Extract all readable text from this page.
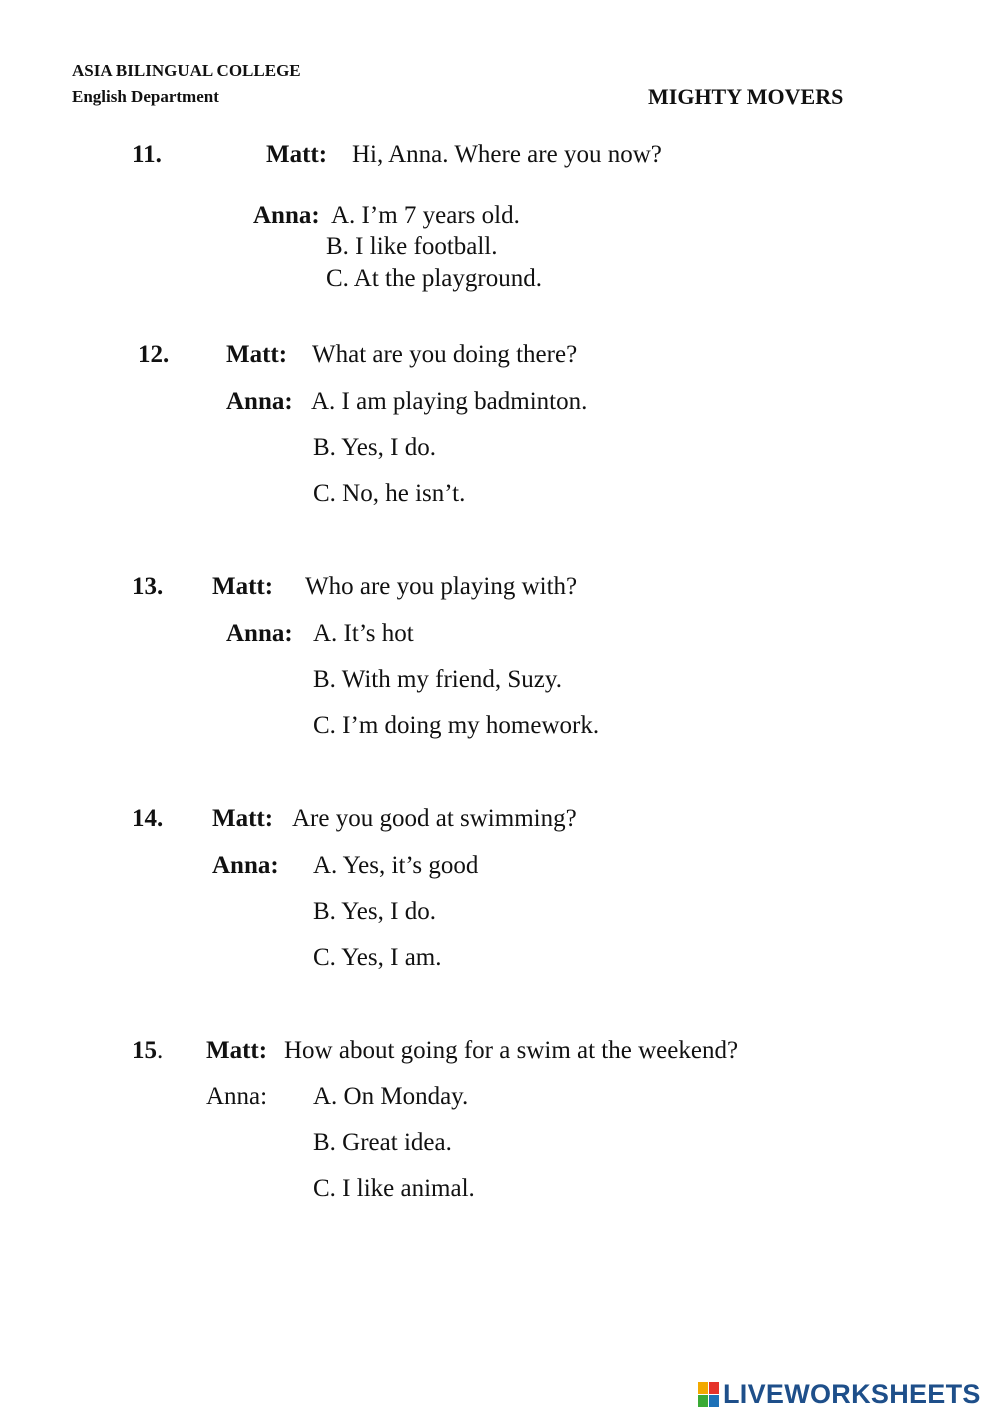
ASIA BILINGUAL COLLEGE
English Department	MIGHTY MOVERS
11.	Matt: Hi, Anna. Where are you now?
Anna: A. I’m 7 years old.
B. I like football.
C. At the playground.
12. Matt: What are you doing there?
Anna: A. I am playing badminton.
B. Yes, I do.
C. No, he isn’t.
13. Matt: Who are you playing with?
Anna: A. It’s hot
B. With my friend, Suzy.
C. I’m doing my homework.
14. Matt: Are you good at swimming?
Anna: A. Yes, it’s good
B. Yes, I do.
C. Yes, I am.
15. Matt: How about going for a swim at the weekend?
Anna: A. On Monday.
B. Great idea.
C. I like animal.
LIVEWORKSHEETS
